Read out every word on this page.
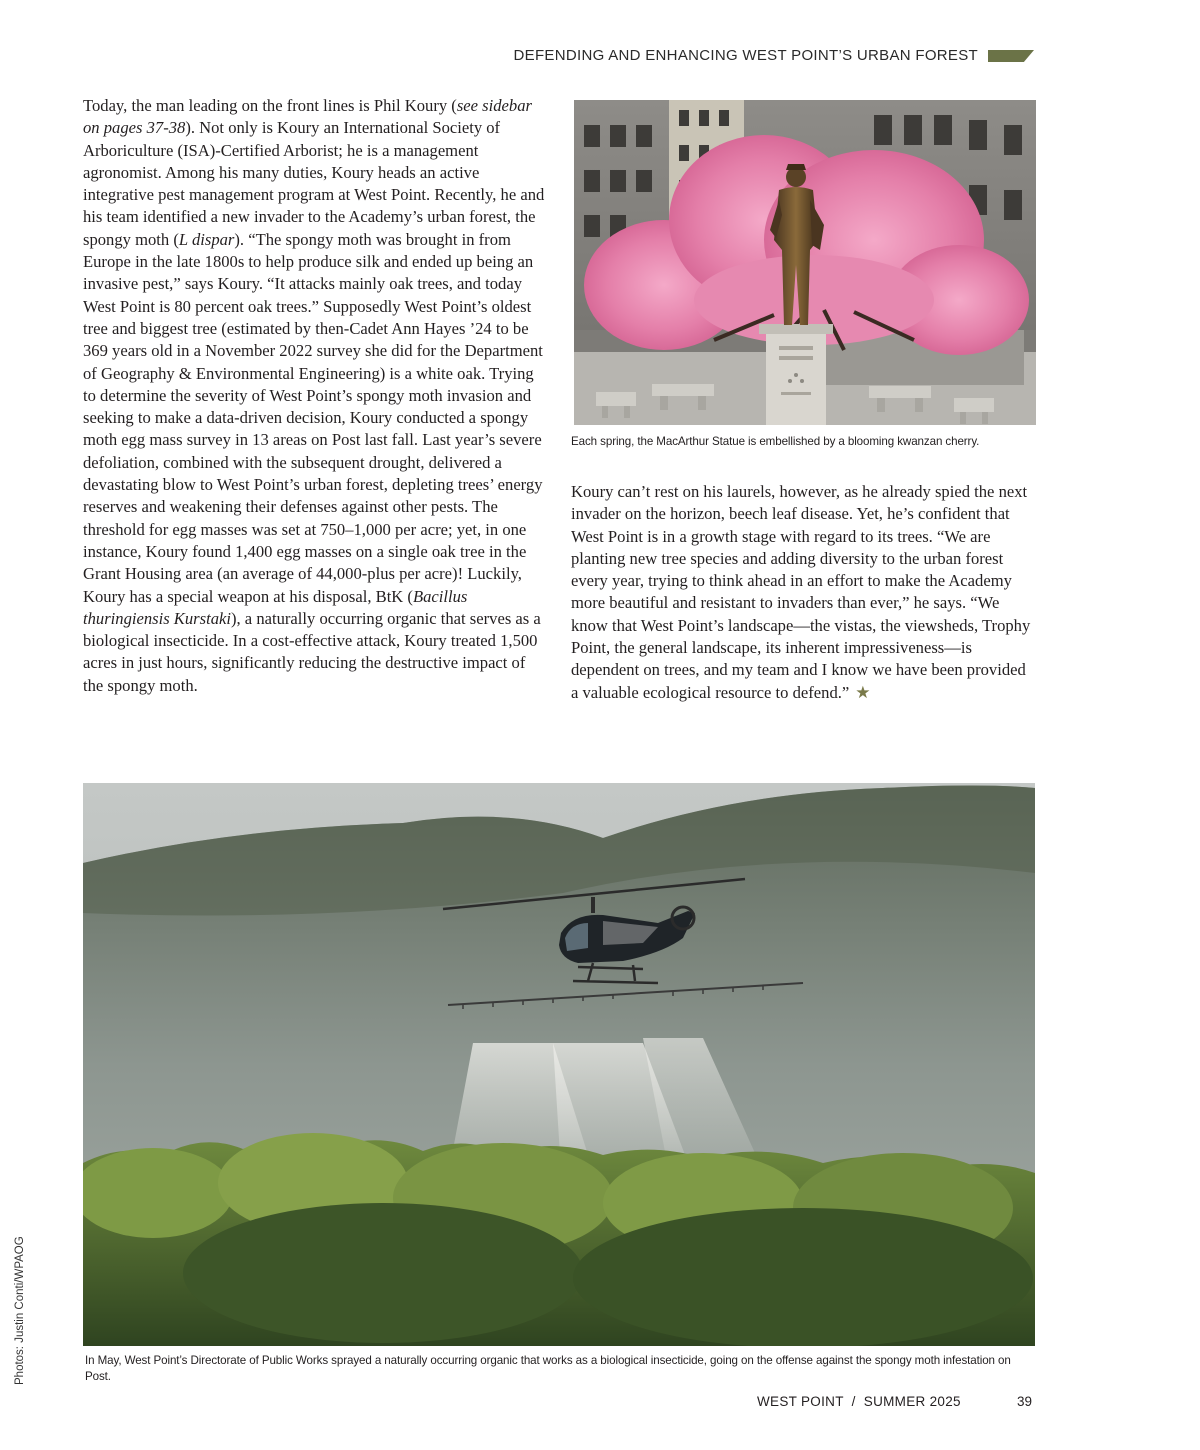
DEFENDING AND ENHANCING WEST POINT’S URBAN FOREST

Today, the man leading on the front lines is Phil Koury (see sidebar on pages 37-38). Not only is Koury an International Society of Arboriculture (ISA)-Certified Arborist; he is a management agronomist. Among his many duties, Koury heads an active integrative pest management program at West Point. Recently, he and his team identified a new invader to the Academy’s urban forest, the spongy moth (L dispar). “The spongy moth was brought in from Europe in the late 1800s to help produce silk and ended up being an invasive pest,” says Koury. “It attacks mainly oak trees, and today West Point is 80 percent oak trees.” Supposedly West Point’s oldest tree and biggest tree (estimated by then-Cadet Ann Hayes ’24 to be 369 years old in a November 2022 survey she did for the Department of Geography & Environmental Engineering) is a white oak. Trying to determine the severity of West Point’s spongy moth invasion and seeking to make a data-driven decision, Koury conducted a spongy moth egg mass survey in 13 areas on Post last fall. Last year’s severe defoliation, combined with the subsequent drought, delivered a devastating blow to West Point’s urban forest, depleting trees’ energy reserves and weakening their defenses against other pests. The threshold for egg masses was set at 750–1,000 per acre; yet, in one instance, Koury found 1,400 egg masses on a single oak tree in the Grant Housing area (an average of 44,000-plus per acre)! Luckily, Koury has a special weapon at his disposal, BtK (Bacillus thuringiensis Kurstaki), a naturally occurring organic that serves as a biological insecticide. In a cost-effective attack, Koury treated 1,500 acres in just hours, significantly reducing the destructive impact of the spongy moth.

Each spring, the MacArthur Statue is embellished by a blooming kwanzan cherry.

Koury can’t rest on his laurels, however, as he already spied the next invader on the horizon, beech leaf disease. Yet, he’s confident that West Point is in a growth stage with regard to its trees. “We are planting new tree species and adding diversity to the urban forest every year, trying to think ahead in an effort to make the Academy more beautiful and resistant to invaders than ever,” he says. “We know that West Point’s landscape—the vistas, the viewsheds, Trophy Point, the general landscape, its inherent impressiveness—is dependent on trees, and my team and I know we have been provided a valuable ecological resource to defend.” ★

In May, West Point’s Directorate of Public Works sprayed a naturally occurring organic that works as a biological insecticide, going on the offense against the spongy moth infestation on Post.
Photos: Justin Conti/WPAOG
WEST POINT  /  SUMMER 2025	39
